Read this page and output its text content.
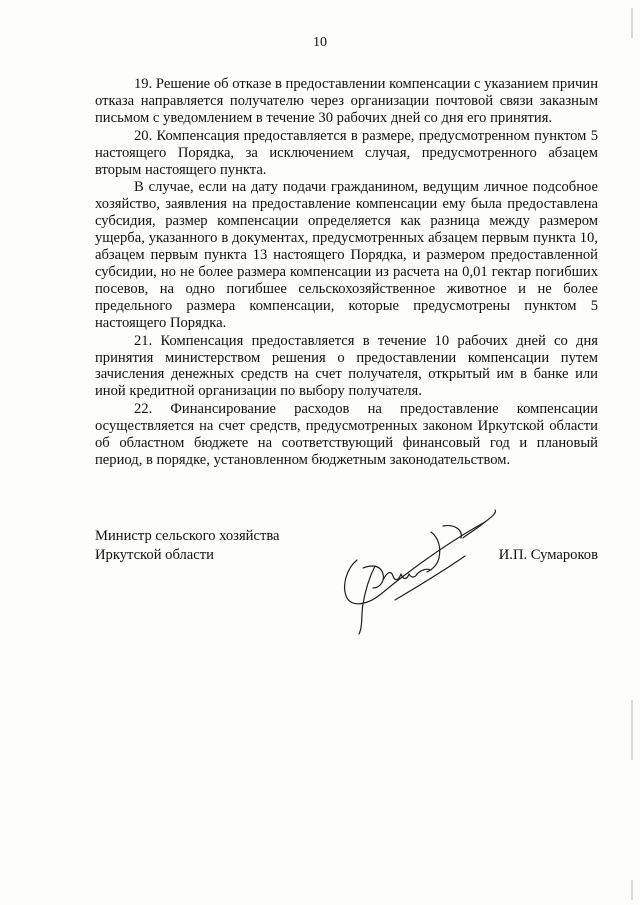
10

19. Решение об отказе в предоставлении компенсации с указанием причин отказа направляется получателю через организации почтовой связи заказным письмом с уведомлением в течение 30 рабочих дней со дня его принятия.

20. Компенсация предоставляется в размере, предусмотренном пунктом 5 настоящего Порядка, за исключением случая, предусмотренного абзацем вторым настоящего пункта.

В случае, если на дату подачи гражданином, ведущим личное подсобное хозяйство, заявления на предоставление компенсации ему была предоставлена субсидия, размер компенсации определяется как разница между размером ущерба, указанного в документах, предусмотренных абзацем первым пункта 10, абзацем первым пункта 13 настоящего Порядка, и размером предоставленной субсидии, но не более размера компенсации из расчета на 0,01 гектар погибших посевов, на одно погибшее сельскохозяйственное животное и не более предельного размера компенсации, которые предусмотрены пунктом 5 настоящего Порядка.

21. Компенсация предоставляется в течение 10 рабочих дней со дня принятия министерством решения о предоставлении компенсации путем зачисления денежных средств на счет получателя, открытый им в банке или иной кредитной организации по выбору получателя.

22. Финансирование расходов на предоставление компенсации осуществляется на счет средств, предусмотренных законом Иркутской области об областном бюджете на соответствующий финансовый год и плановый период, в порядке, установленном бюджетным законодательством.

Министр сельского хозяйства
Иркутской области	И.П. Сумароков
